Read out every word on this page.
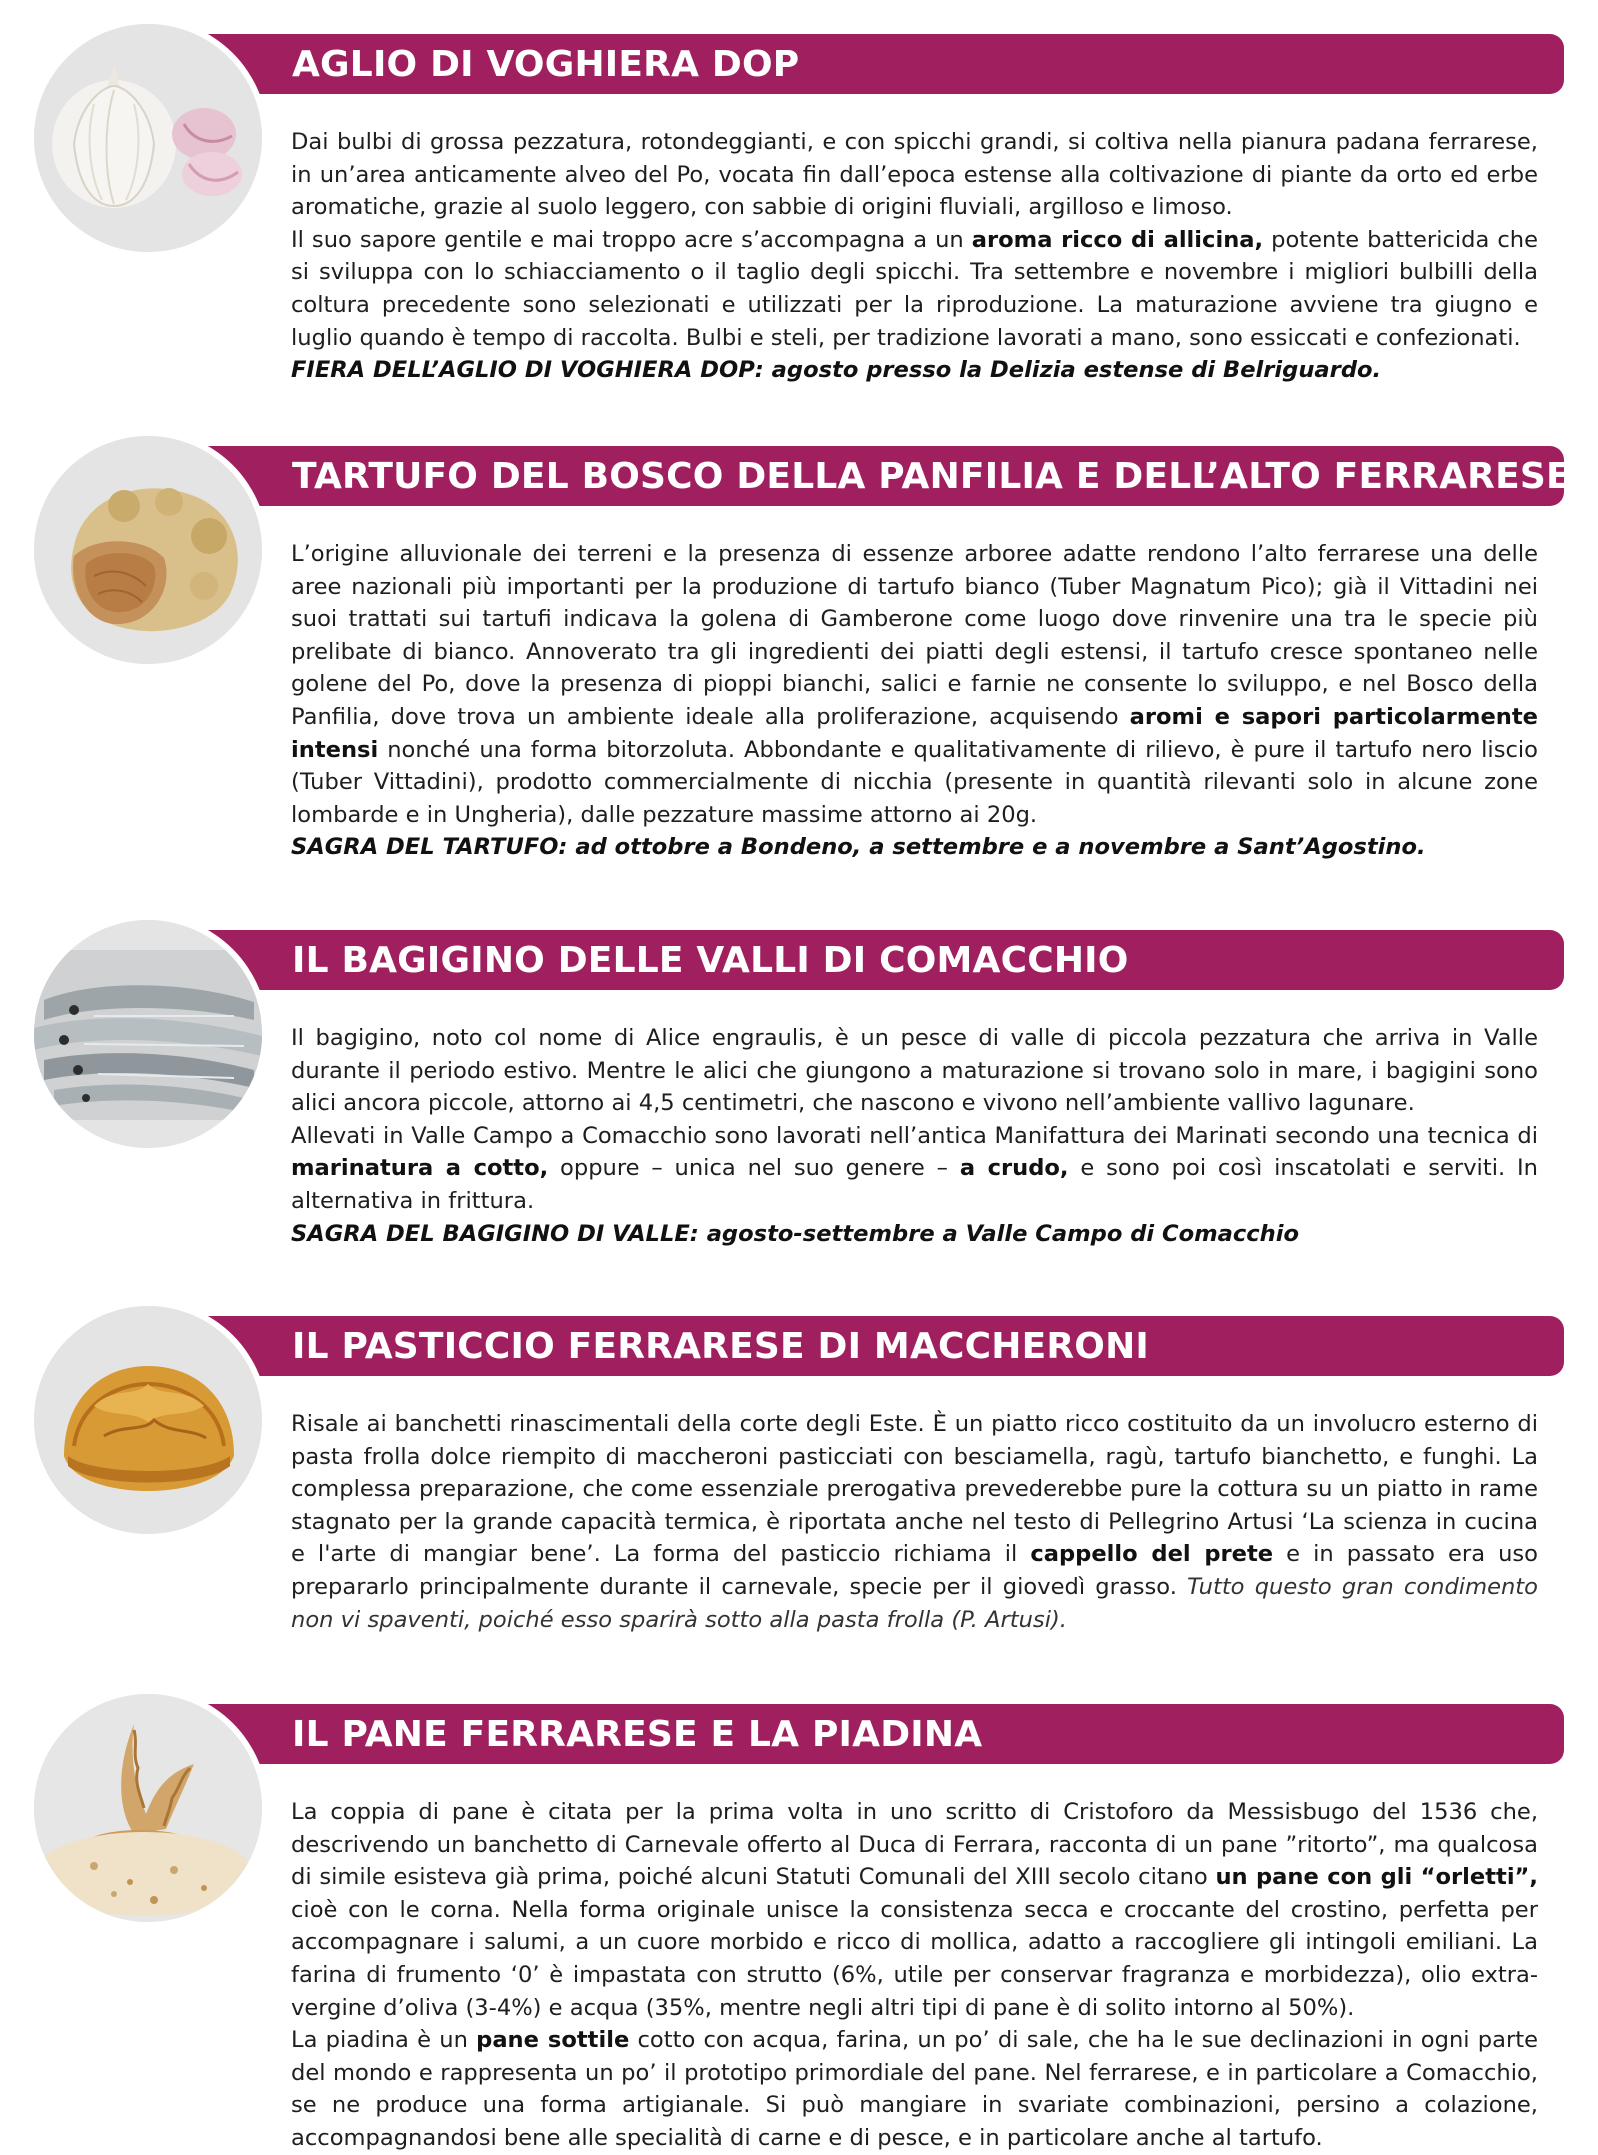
AGLIO DI VOGHIERA DOP

Dai bulbi di grossa pezzatura, rotondeggianti, e con spicchi grandi, si coltiva nella pianura padana ferrarese, in un’area anticamente alveo del Po, vocata fin dall’epoca estense alla coltivazione di piante da orto ed erbe aromatiche, grazie al suolo leggero, con sabbie di origini fluviali, argilloso e limoso.

Il suo sapore gentile e mai troppo acre s’accompagna a un aroma ricco di allicina, potente battericida che si sviluppa con lo schiacciamento o il taglio degli spicchi. Tra settembre e novembre i migliori bulbilli della coltura precedente sono selezionati e utilizzati per la riproduzione. La maturazione avviene tra giugno e luglio quando è tempo di raccolta. Bulbi e steli, per tradizione lavorati a mano, sono essiccati e confezionati.

FIERA DELL’AGLIO DI VOGHIERA DOP: agosto presso la Delizia estense di Belriguardo.

TARTUFO DEL BOSCO DELLA PANFILIA E DELL’ALTO FERRARESE

L’origine alluvionale dei terreni e la presenza di essenze arboree adatte rendono l’alto ferrarese una delle aree nazionali più importanti per la produzione di tartufo bianco (Tuber Magnatum Pico); già il Vittadini nei suoi trattati sui tartufi indicava la golena di Gamberone come luogo dove rinvenire una tra le specie più prelibate di bianco. Annoverato tra gli ingredienti dei piatti degli estensi, il tartufo cresce spontaneo nelle golene del Po, dove la presenza di pioppi bianchi, salici e farnie ne consente lo sviluppo, e nel Bosco della Panfilia, dove trova un ambiente ideale alla proliferazione, acquisendo aromi e sapori particolarmente intensi nonché una forma bitorzoluta. Abbondante e qualitativamente di rilievo, è pure il tartufo nero liscio (Tuber Vittadini), prodotto commercialmente di nicchia (presente in quantità rilevanti solo in alcune zone lombarde e in Ungheria), dalle pezzature massime attorno ai 20g.

SAGRA DEL TARTUFO: ad ottobre a Bondeno, a settembre e a novembre a Sant’Agostino.

IL BAGIGINO DELLE VALLI DI COMACCHIO

Il bagigino, noto col nome di Alice engraulis, è un pesce di valle di piccola pezzatura che arriva in Valle durante il periodo estivo. Mentre le alici che giungono a maturazione si trovano solo in mare, i bagigini sono alici ancora piccole, attorno ai 4,5 centimetri, che nascono e vivono nell’ambiente vallivo lagunare.

Allevati in Valle Campo a Comacchio sono lavorati nell’antica Manifattura dei Marinati secondo una tecnica di marinatura a cotto, oppure – unica nel suo genere – a crudo, e sono poi così inscatolati e serviti. In alternativa in frittura.

SAGRA DEL BAGIGINO DI VALLE: agosto-settembre a Valle Campo di Comacchio

IL PASTICCIO FERRARESE DI MACCHERONI

Risale ai banchetti rinascimentali della corte degli Este. È un piatto ricco costituito da un involucro esterno di pasta frolla dolce riempito di maccheroni pasticciati con besciamella, ragù, tartufo bianchetto, e funghi. La complessa preparazione, che come essenziale prerogativa prevederebbe pure la cottura su un piatto in rame stagnato per la grande capacità termica, è riportata anche nel testo di Pellegrino Artusi ‘La scienza in cucina e l'arte di mangiar bene’. La forma del pasticcio richiama il cappello del prete e in passato era uso prepararlo principalmente durante il carnevale, specie per il giovedì grasso. Tutto questo gran condimento non vi spaventi, poiché esso sparirà sotto alla pasta frolla (P. Artusi).

IL PANE FERRARESE E LA PIADINA

La coppia di pane è citata per la prima volta in uno scritto di Cristoforo da Messisbugo del 1536 che, descrivendo un banchetto di Carnevale offerto al Duca di Ferrara, racconta di un pane ”ritorto”, ma qualcosa di simile esisteva già prima, poiché alcuni Statuti Comunali del XIII secolo citano un pane con gli “orletti”, cioè con le corna. Nella forma originale unisce la consistenza secca e croccante del crostino, perfetta per accompagnare i salumi, a un cuore morbido e ricco di mollica, adatto a raccogliere gli intingoli emiliani. La farina di frumento ‘0’ è impastata con strutto (6%, utile per conservar fragranza e morbidezza), olio extra-vergine d’oliva (3-4%) e acqua (35%, mentre negli altri tipi di pane è di solito intorno al 50%).

La piadina è un pane sottile cotto con acqua, farina, un po’ di sale, che ha le sue declinazioni in ogni parte del mondo e rappresenta un po’ il prototipo primordiale del pane. Nel ferrarese, e in particolare a Comacchio, se ne produce una forma artigianale. Si può mangiare in svariate combinazioni, persino a colazione, accompagnandosi bene alle specialità di carne e di pesce, e in particolare anche al tartufo.
